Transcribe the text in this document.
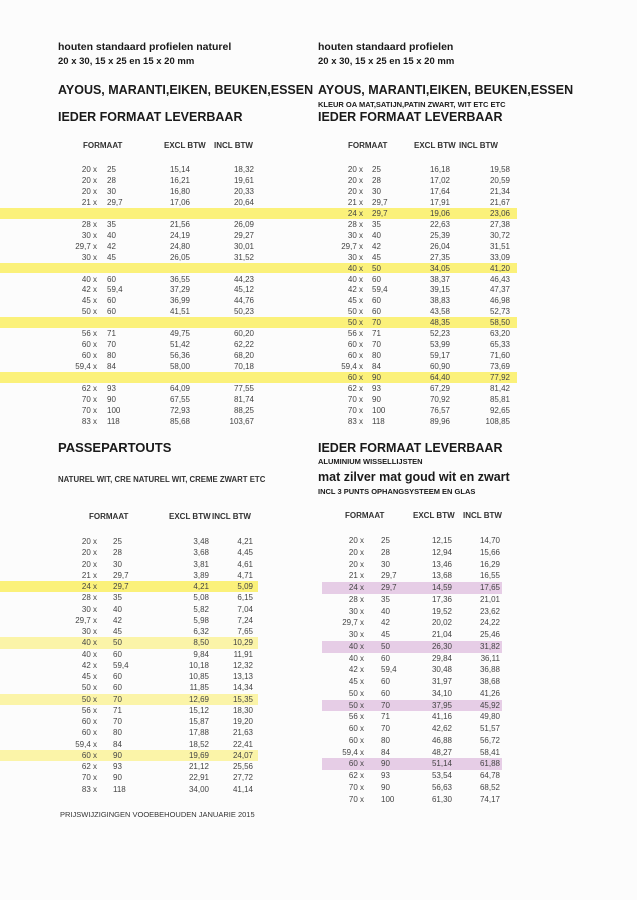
houten standaard profielen naturel
20 x 30, 15 x 25 en 15 x 20 mm
AYOUS, MARANTI,EIKEN, BEUKEN,ESSEN
IEDER FORMAAT LEVERBAAR
FORMAAT	EXCL BTW INCL BTW
20 x 25	15,14	18,32
20 x 28	16,21	19,61
20 x 30	16,80	20,33
21 x 29,7	17,06	20,64
28 x 35	21,56	26,09
30 x 40	24,19	29,27
29,7 x 42	24,80	30,01
30 x 45	26,05	31,52
40 x 60	36,55	44,23
42 x 59,4	37,29	45,12
45 x 60	36,99	44,76
50 x 60	41,51	50,23
56 x 71	49,75	60,20
60 x 70	51,42	62,22
60 x 80	56,36	68,20
59,4 x 84	58,00	70,18
62 x 93	64,09	77,55
70 x 90	67,55	81,74
70 x 100	72,93	88,25
83 x 118	85,68	103,67
houten standaard profielen
20 x 30, 15 x 25 en 15 x 20 mm
AYOUS, MARANTI,EIKEN, BEUKEN,ESSEN
KLEUR OA MAT,SATIJN,PATIN ZWART, WIT ETC ETC
IEDER FORMAAT LEVERBAAR
FORMAAT	EXCL BTW INCL BTW
20 x 25	16,18	19,58
20 x 28	17,02	20,59
20 x 30	17,64	21,34
21 x 29,7	17,91	21,67
24 x 29,7	19,06	23,06
28 x 35	22,63	27,38
30 x 40	25,39	30,72
29,7 x 42	26,04	31,51
30 x 45	27,35	33,09
40 x 50	34,05	41,20
40 x 60	38,37	46,43
42 x 59,4	39,15	47,37
45 x 60	38,83	46,98
50 x 60	43,58	52,73
50 x 70	48,35	58,50
56 x 71	52,23	63,20
60 x 70	53,99	65,33
60 x 80	59,17	71,60
59,4 x 84	60,90	73,69
60 x 90	64,40	77,92
62 x 93	67,29	81,42
70 x 90	70,92	85,81
70 x 100	76,57	92,65
83 x 118	89,96	108,85
PASSEPARTOUTS
NATUREL WIT, CRE NATUREL WIT, CREME ZWART ETC
FORMAAT	EXCL BTW INCL BTW
20 x 25	3,48	4,21
20 x 28	3,68	4,45
20 x 30	3,81	4,61
21 x 29,7	3,89	4,71
24 x 29,7	4,21	5,09
28 x 35	5,08	6,15
30 x 40	5,82	7,04
29,7 x 42	5,98	7,24
30 x 45	6,32	7,65
40 x 50	8,50	10,29
40 x 60	9,84	11,91
42 x 59,4	10,18	12,32
45 x 60	10,85	13,13
50 x 60	11,85	14,34
50 x 70	12,69	15,35
56 x 71	15,12	18,30
60 x 70	15,87	19,20
60 x 80	17,88	21,63
59,4 x 84	18,52	22,41
60 x 90	19,69	24,07
62 x 93	21,12	25,56
70 x 90	22,91	27,72
83 x 118	34,00	41,14
PRIJSWIJZIGINGEN VOOEBEHOUDEN JANUARIE 2015
IEDER FORMAAT LEVERBAAR
ALUMINIUM WISSELLIJSTEN
mat zilver mat goud wit en zwart
INCL 3 PUNTS OPHANGSYSTEEM EN GLAS
FORMAAT	EXCL BTW INCL BTW
20 x 25	12,15	14,70
20 x 28	12,94	15,66
20 x 30	13,46	16,29
21 x 29,7	13,68	16,55
24 x 29,7	14,59	17,65
28 x 35	17,36	21,01
30 x 40	19,52	23,62
29,7 x 42	20,02	24,22
30 x 45	21,04	25,46
40 x 50	26,30	31,82
40 x 60	29,84	36,11
42 x 59,4	30,48	36,88
45 x 60	31,97	38,68
50 x 60	34,10	41,26
50 x 70	37,95	45,92
56 x 71	41,16	49,80
60 x 70	42,62	51,57
60 x 80	46,88	56,72
59,4 x 84	48,27	58,41
60 x 90	51,14	61,88
62 x 93	53,54	64,78
70 x 90	56,63	68,52
70 x 100	61,30	74,17
